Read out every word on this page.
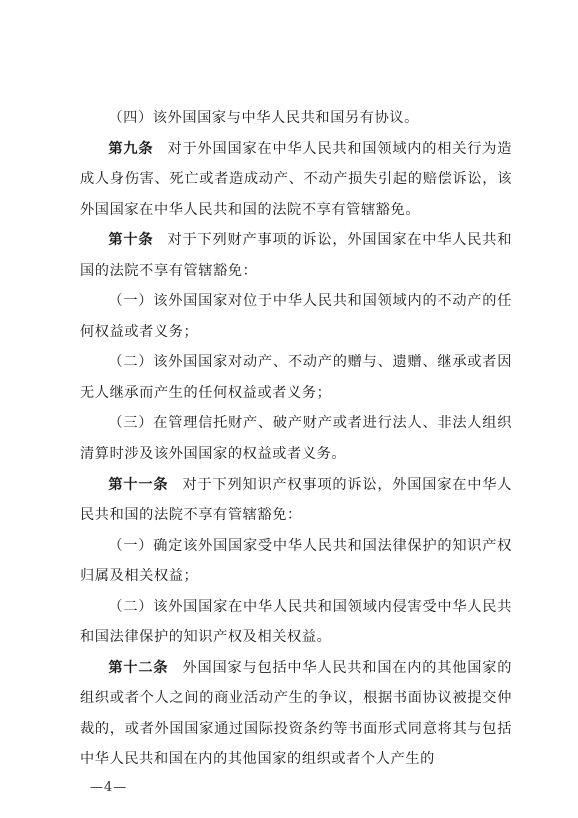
（四）该外国国家与中华人民共和国另有协议。

第九条 对于外国国家在中华人民共和国领域内的相关行为造成人身伤害、死亡或者造成动产、不动产损失引起的赔偿诉讼，该外国国家在中华人民共和国的法院不享有管辖豁免。

第十条 对于下列财产事项的诉讼，外国国家在中华人民共和国的法院不享有管辖豁免：

（一）该外国国家对位于中华人民共和国领域内的不动产的任何权益或者义务；

（二）该外国国家对动产、不动产的赠与、遗赠、继承或者因无人继承而产生的任何权益或者义务；

（三）在管理信托财产、破产财产或者进行法人、非法人组织清算时涉及该外国国家的权益或者义务。

第十一条 对于下列知识产权事项的诉讼，外国国家在中华人民共和国的法院不享有管辖豁免：

（一）确定该外国国家受中华人民共和国法律保护的知识产权归属及相关权益；

（二）该外国国家在中华人民共和国领域内侵害受中华人民共和国法律保护的知识产权及相关权益。

第十二条 外国国家与包括中华人民共和国在内的其他国家的组织或者个人之间的商业活动产生的争议，根据书面协议被提交仲裁的，或者外国国家通过国际投资条约等书面形式同意将其与包括中华人民共和国在内的其他国家的组织或者个人产生的

—4—
